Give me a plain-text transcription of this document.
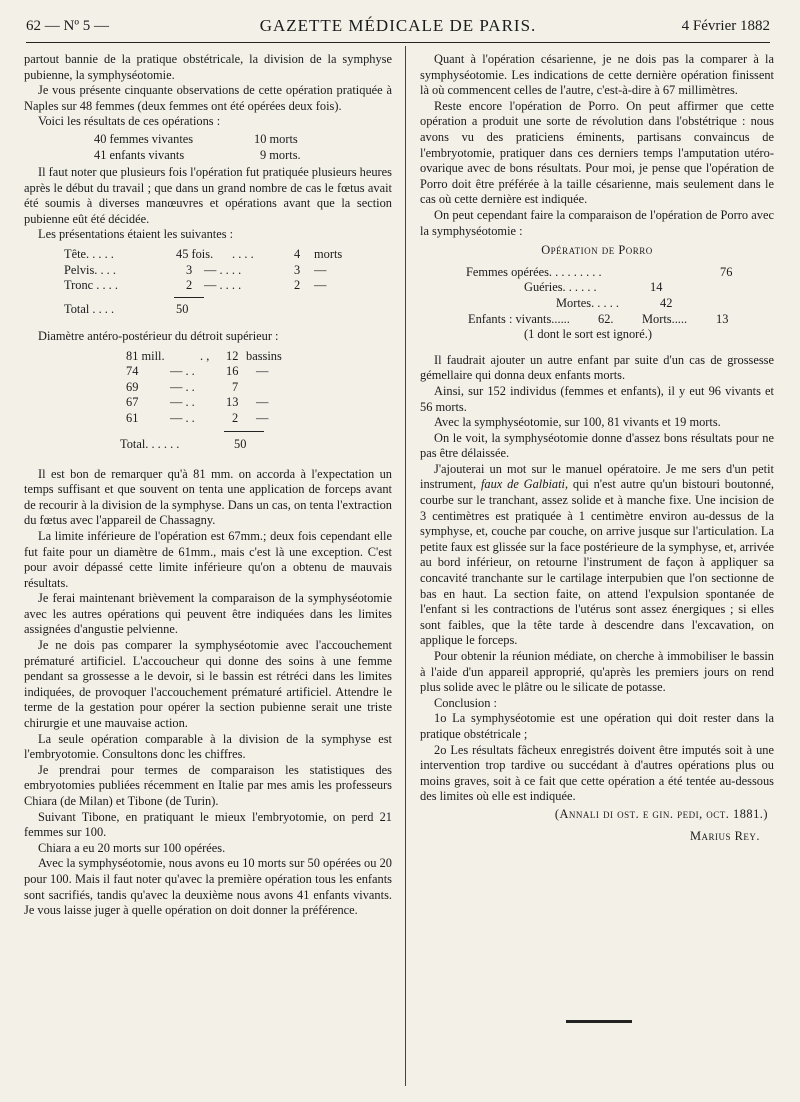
62 — Nº 5 —	GAZETTE MÉDICALE DE PARIS.	4 Février 1882

partout bannie de la pratique obstétricale, la division de la symphyse pubienne, la symphyséotomie.

Je vous présente cinquante observations de cette opération pratiquée à Naples sur 48 femmes (deux femmes ont été opérées deux fois).

Voici les résultats de ces opérations :

40 femmes vivantes	10 morts
41 enfants vivants	9 morts.

Il faut noter que plusieurs fois l'opération fut pratiquée plusieurs heures après le début du travail ; que dans un grand nombre de cas le fœtus avait été soumis à diverses manœuvres et opérations avant que la section pubienne eût été décidée.

Les présentations étaient les suivantes :

Tête. . . . .	45 fois. . . . .	4 morts
Pelvis. . . .	3 — . . . .	3 —
Tronc . . . .	2 — . . . .	2 —
Total . . . .	50

Diamètre antéro-postérieur du détroit supérieur :

81 mill.	. , 12 bassins
74	— . .	16 —
69	— . .	7
67	— . .	13 —
61	— . .	2 —
Total. . . . . .	50

Il est bon de remarquer qu'à 81 mm. on accorda à l'expectation un temps suffisant et que souvent on tenta une application de forceps avant de recourir à la division de la symphyse. Dans un cas, on tenta l'extraction du fœtus avec l'appareil de Chassagny.

La limite inférieure de l'opération est 67mm.; deux fois cependant elle fut faite pour un diamètre de 61mm., mais c'est là une exception. C'est pour avoir dépassé cette limite inférieure qu'on a obtenu de mauvais résultats.

Je ferai maintenant brièvement la comparaison de la symphyséotomie avec les autres opérations qui peuvent être indiquées dans les limites assignées d'angustie pelvienne.

Je ne dois pas comparer la symphyséotomie avec l'accouchement prématuré artificiel. L'accoucheur qui donne des soins à une femme pendant sa grossesse a le devoir, si le bassin est rétréci dans les limites indiquées, de provoquer l'accouchement prématuré artificiel. Attendre le terme de la gestation pour opérer la section pubienne serait une triste chirurgie et une mauvaise action.

La seule opération comparable à la division de la symphyse est l'embryotomie. Consultons donc les chiffres.

Je prendrai pour termes de comparaison les statistiques des embryotomies publiées récemment en Italie par mes amis les professeurs Chiara (de Milan) et Tibone (de Turin).

Suivant Tibone, en pratiquant le mieux l'embryotomie, on perd 21 femmes sur 100.

Chiara a eu 20 morts sur 100 opérées.

Avec la symphyséotomie, nous avons eu 10 morts sur 50 opérées ou 20 pour 100. Mais il faut noter qu'avec la première opération tous les enfants sont sacrifiés, tandis qu'avec la deuxième nous avons 41 enfants vivants. Je vous laisse juger à quelle opération on doit donner la préférence.

Quant à l'opération césarienne, je ne dois pas la comparer à la symphyséotomie. Les indications de cette dernière opération finissent là où commencent celles de l'autre, c'est-à-dire à 67 millimètres.

Reste encore l'opération de Porro. On peut affirmer que cette opération a produit une sorte de révolution dans l'obstétrique : nous avons vu des praticiens éminents, partisans convaincus de l'embryotomie, pratiquer dans ces derniers temps l'amputation utéro-ovarique avec de bons résultats. Pour moi, je pense que l'opération de Porro doit être préférée à la taille césarienne, mais seulement dans le cas où cette dernière est indiquée.

On peut cependant faire la comparaison de l'opération de Porro avec la symphyséotomie :

Opération de Porro

Femmes opérées. . . . . . . . .	76
Guéries. . . . . .	14
Mortes. . . . .	42
Enfants : vivants...... 62. Morts..... 13
(1 dont le sort est ignoré.)

Il faudrait ajouter un autre enfant par suite d'un cas de grossesse gémellaire qui donna deux enfants morts.

Ainsi, sur 152 individus (femmes et enfants), il y eut 96 vivants et 56 morts.

Avec la symphyséotomie, sur 100, 81 vivants et 19 morts.

On le voit, la symphyséotomie donne d'assez bons résultats pour ne pas être délaissée.

J'ajouterai un mot sur le manuel opératoire. Je me sers d'un petit instrument, faux de Galbiati, qui n'est autre qu'un bistouri boutonné, courbe sur le tranchant, assez solide et à manche fixe. Une incision de 3 centimètres est pratiquée à 1 centimètre environ au-dessus de la symphyse, et, couche par couche, on arrive jusque sur l'articulation. La petite faux est glissée sur la face postérieure de la symphyse, et, arrivée au bord inférieur, on retourne l'instrument de façon à appliquer sa concavité tranchante sur le cartilage interpubien que l'on sectionne de bas en haut. La section faite, on attend l'expulsion spontanée de l'enfant si les contractions de l'utérus sont assez énergiques ; si elles sont faibles, que la tête tarde à descendre dans l'excavation, on applique le forceps.

Pour obtenir la réunion médiate, on cherche à immobiliser le bassin à l'aide d'un appareil approprié, qu'après les premiers jours on rend plus solide avec le plâtre ou le silicate de potasse.

Conclusion :

1o La symphyséotomie est une opération qui doit rester dans la pratique obstétricale ;

2o Les résultats fâcheux enregistrés doivent être imputés soit à une intervention trop tardive ou succédant à d'autres opérations plus ou moins graves, soit à ce fait que cette opération a été tentée au-dessous des limites où elle est indiquée.

(Annali di ost. e gin. pedi, oct. 1881.)

Marius Rey.
